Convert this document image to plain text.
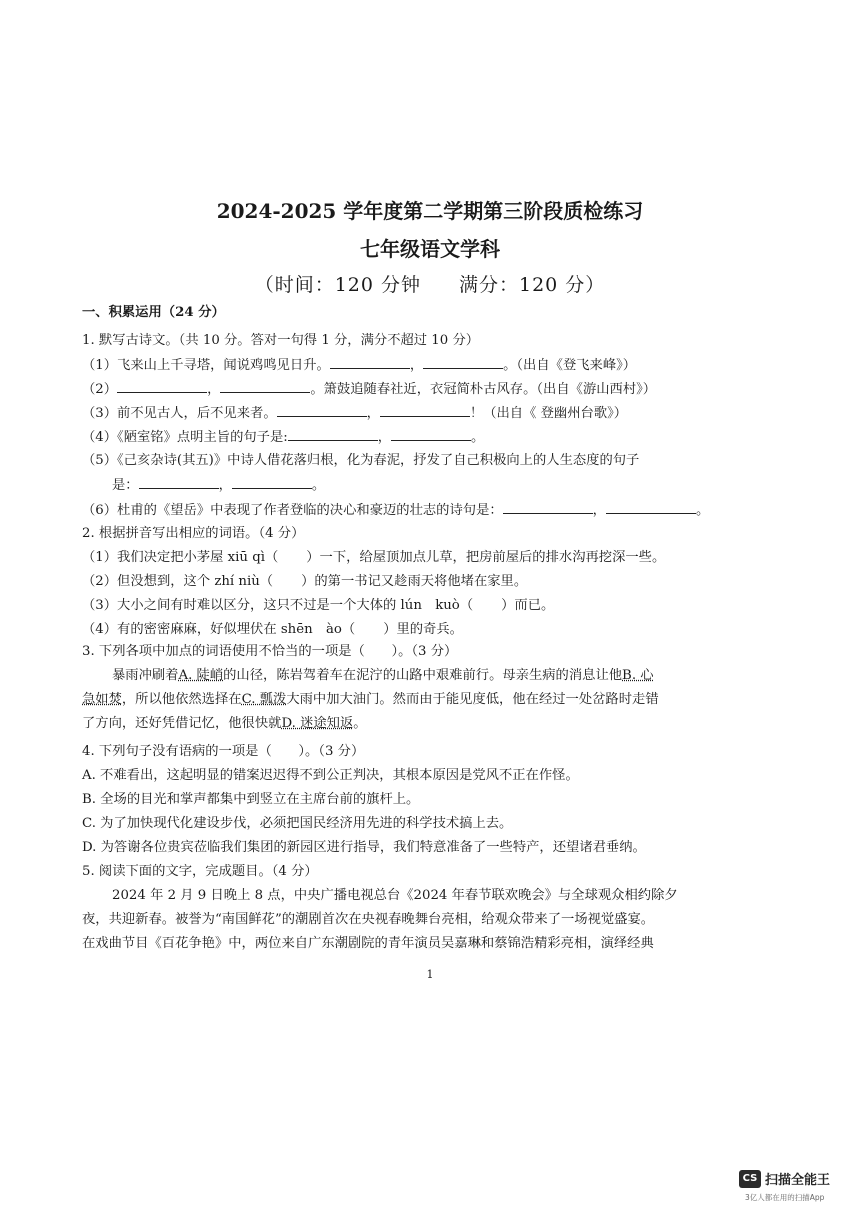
2024-2025 学年度第二学期第三阶段质检练习
七年级语文学科
（时间：120 分钟 满分：120 分）
一、积累运用（24 分）
1. 默写古诗文。（共 10 分。答对一句得 1 分，满分不超过 10 分）
（1）飞来山上千寻塔，闻说鸡鸣见日升。	，	。（出自《登飞来峰》）
（2）	，	。箫鼓追随春社近，衣冠简朴古风存。（出自《游山西村》）
（3）前不见古人，后不见来者。	，	！（出自《 登幽州台歌》）
（4）《陋室铭》点明主旨的句子是:	，	。
（5）《己亥杂诗(其五)》中诗人借花落归根，化为春泥，抒发了自己积极向上的人生态度的句子
是：	，	。
（6）杜甫的《望岳》中表现了作者登临的决心和豪迈的壮志的诗句是：	，	。
2. 根据拼音写出相应的词语。（4 分）
（1）我们决定把小茅屋 xiū qì（ ）一下，给屋顶加点儿草，把房前屋后的排水沟再挖深一些。
（2）但没想到，这个 zhí niù（ ）的第一书记又趁雨天将他堵在家里。
（3）大小之间有时难以区分，这只不过是一个大体的 lún　kuò（ ）而已。
（4）有的密密麻麻，好似埋伏在 shēn　ào（ ）里的奇兵。
3. 下列各项中加点的词语使用不恰当的一项是（　　）。（3 分）
暴雨冲刷着A. 陡峭的山径，陈岩驾着车在泥泞的山路中艰难前行。母亲生病的消息让他B. 心
急如焚，所以他依然选择在C. 瓢泼大雨中加大油门。然而由于能见度低，他在经过一处岔路时走错
了方向，还好凭借记忆，他很快就D. 迷途知返。
4. 下列句子没有语病的一项是（　　）。（3 分）
A. 不难看出，这起明显的错案迟迟得不到公正判决，其根本原因是党风不正在作怪。
B. 全场的目光和掌声都集中到竖立在主席台前的旗杆上。
C. 为了加快现代化建设步伐，必须把国民经济用先进的科学技术搞上去。
D. 为答谢各位贵宾莅临我们集团的新园区进行指导，我们特意准备了一些特产，还望诸君垂纳。
5. 阅读下面的文字，完成题目。（4 分）
2024 年 2 月 9 日晚上 8 点，中央广播电视总台《2024 年春节联欢晚会》与全球观众相约除夕
夜，共迎新春。被誉为“南国鲜花”的潮剧首次在央视春晚舞台亮相，给观众带来了一场视觉盛宴。
在戏曲节目《百花争艳》中，两位来自广东潮剧院的青年演员吴嘉琳和蔡锦浩精彩亮相，演绎经典
1
CS 扫描全能王
3亿人都在用的扫描App
